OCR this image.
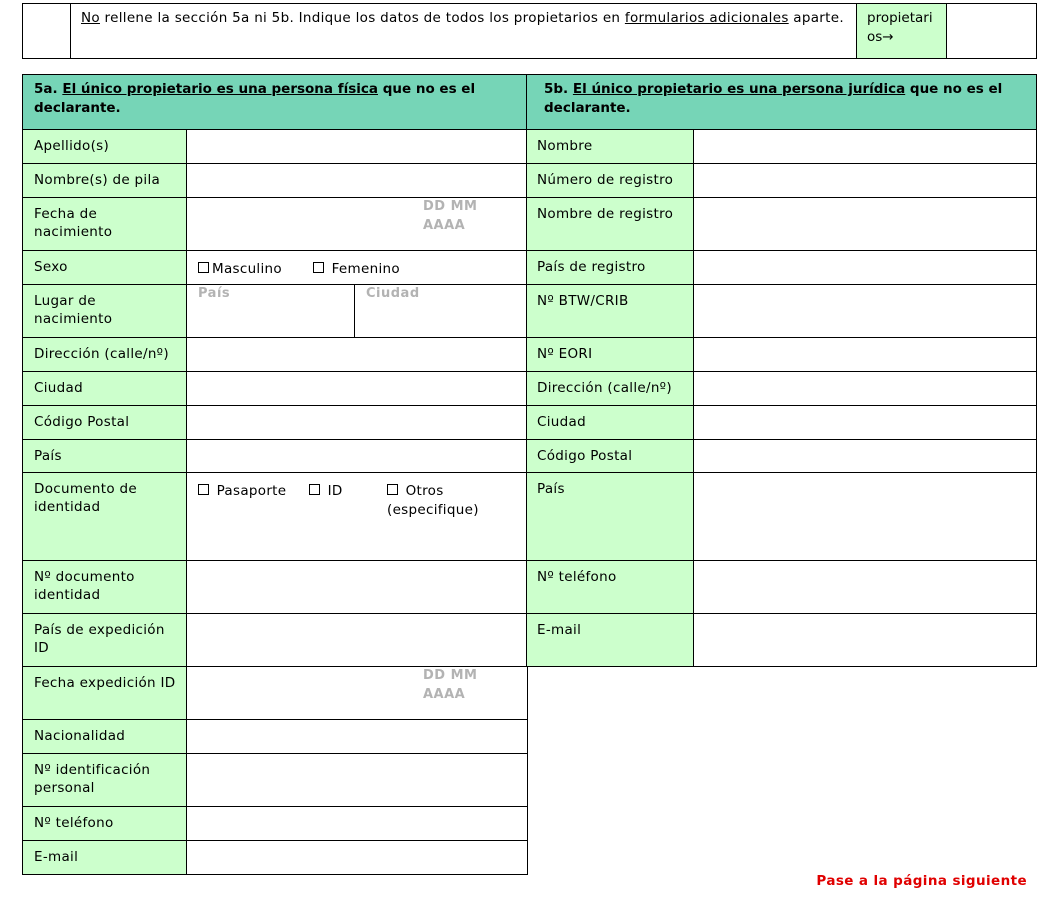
	No rellene la sección 5a ni 5b. Indique los datos de todos los propietarios en formularios adicionales aparte.	propietarios→	
5a. El único propietario es una persona física que no es el declarante.		
Apellido(s)		
Nombre(s) de pila		
Fecha de nacimiento	DD MM
AAAA	

Sexo	Masculino Femenino	

Lugar de nacimiento	País	Ciudad

Dirección (calle/nº)		
Ciudad		
Código Postal		
País		
Documento de identidad	Pasaporte ID Otros (especifique)	

Nº documento identidad		
País de expedición ID		
Fecha expedición ID	DD MM
AAAA	

Nacionalidad		
Nº identificación personal		
Nº teléfono		
E-mail		
5b. El único propietario es una persona jurídica que no es el declarante.	
Nombre	
Número de registro	
Nombre de registro	
País de registro	
Nº BTW/CRIB	
Nº EORI	
Dirección (calle/nº)	
Ciudad	
Código Postal	
País	
Nº teléfono	
E-mail	
Pase a la página siguiente
